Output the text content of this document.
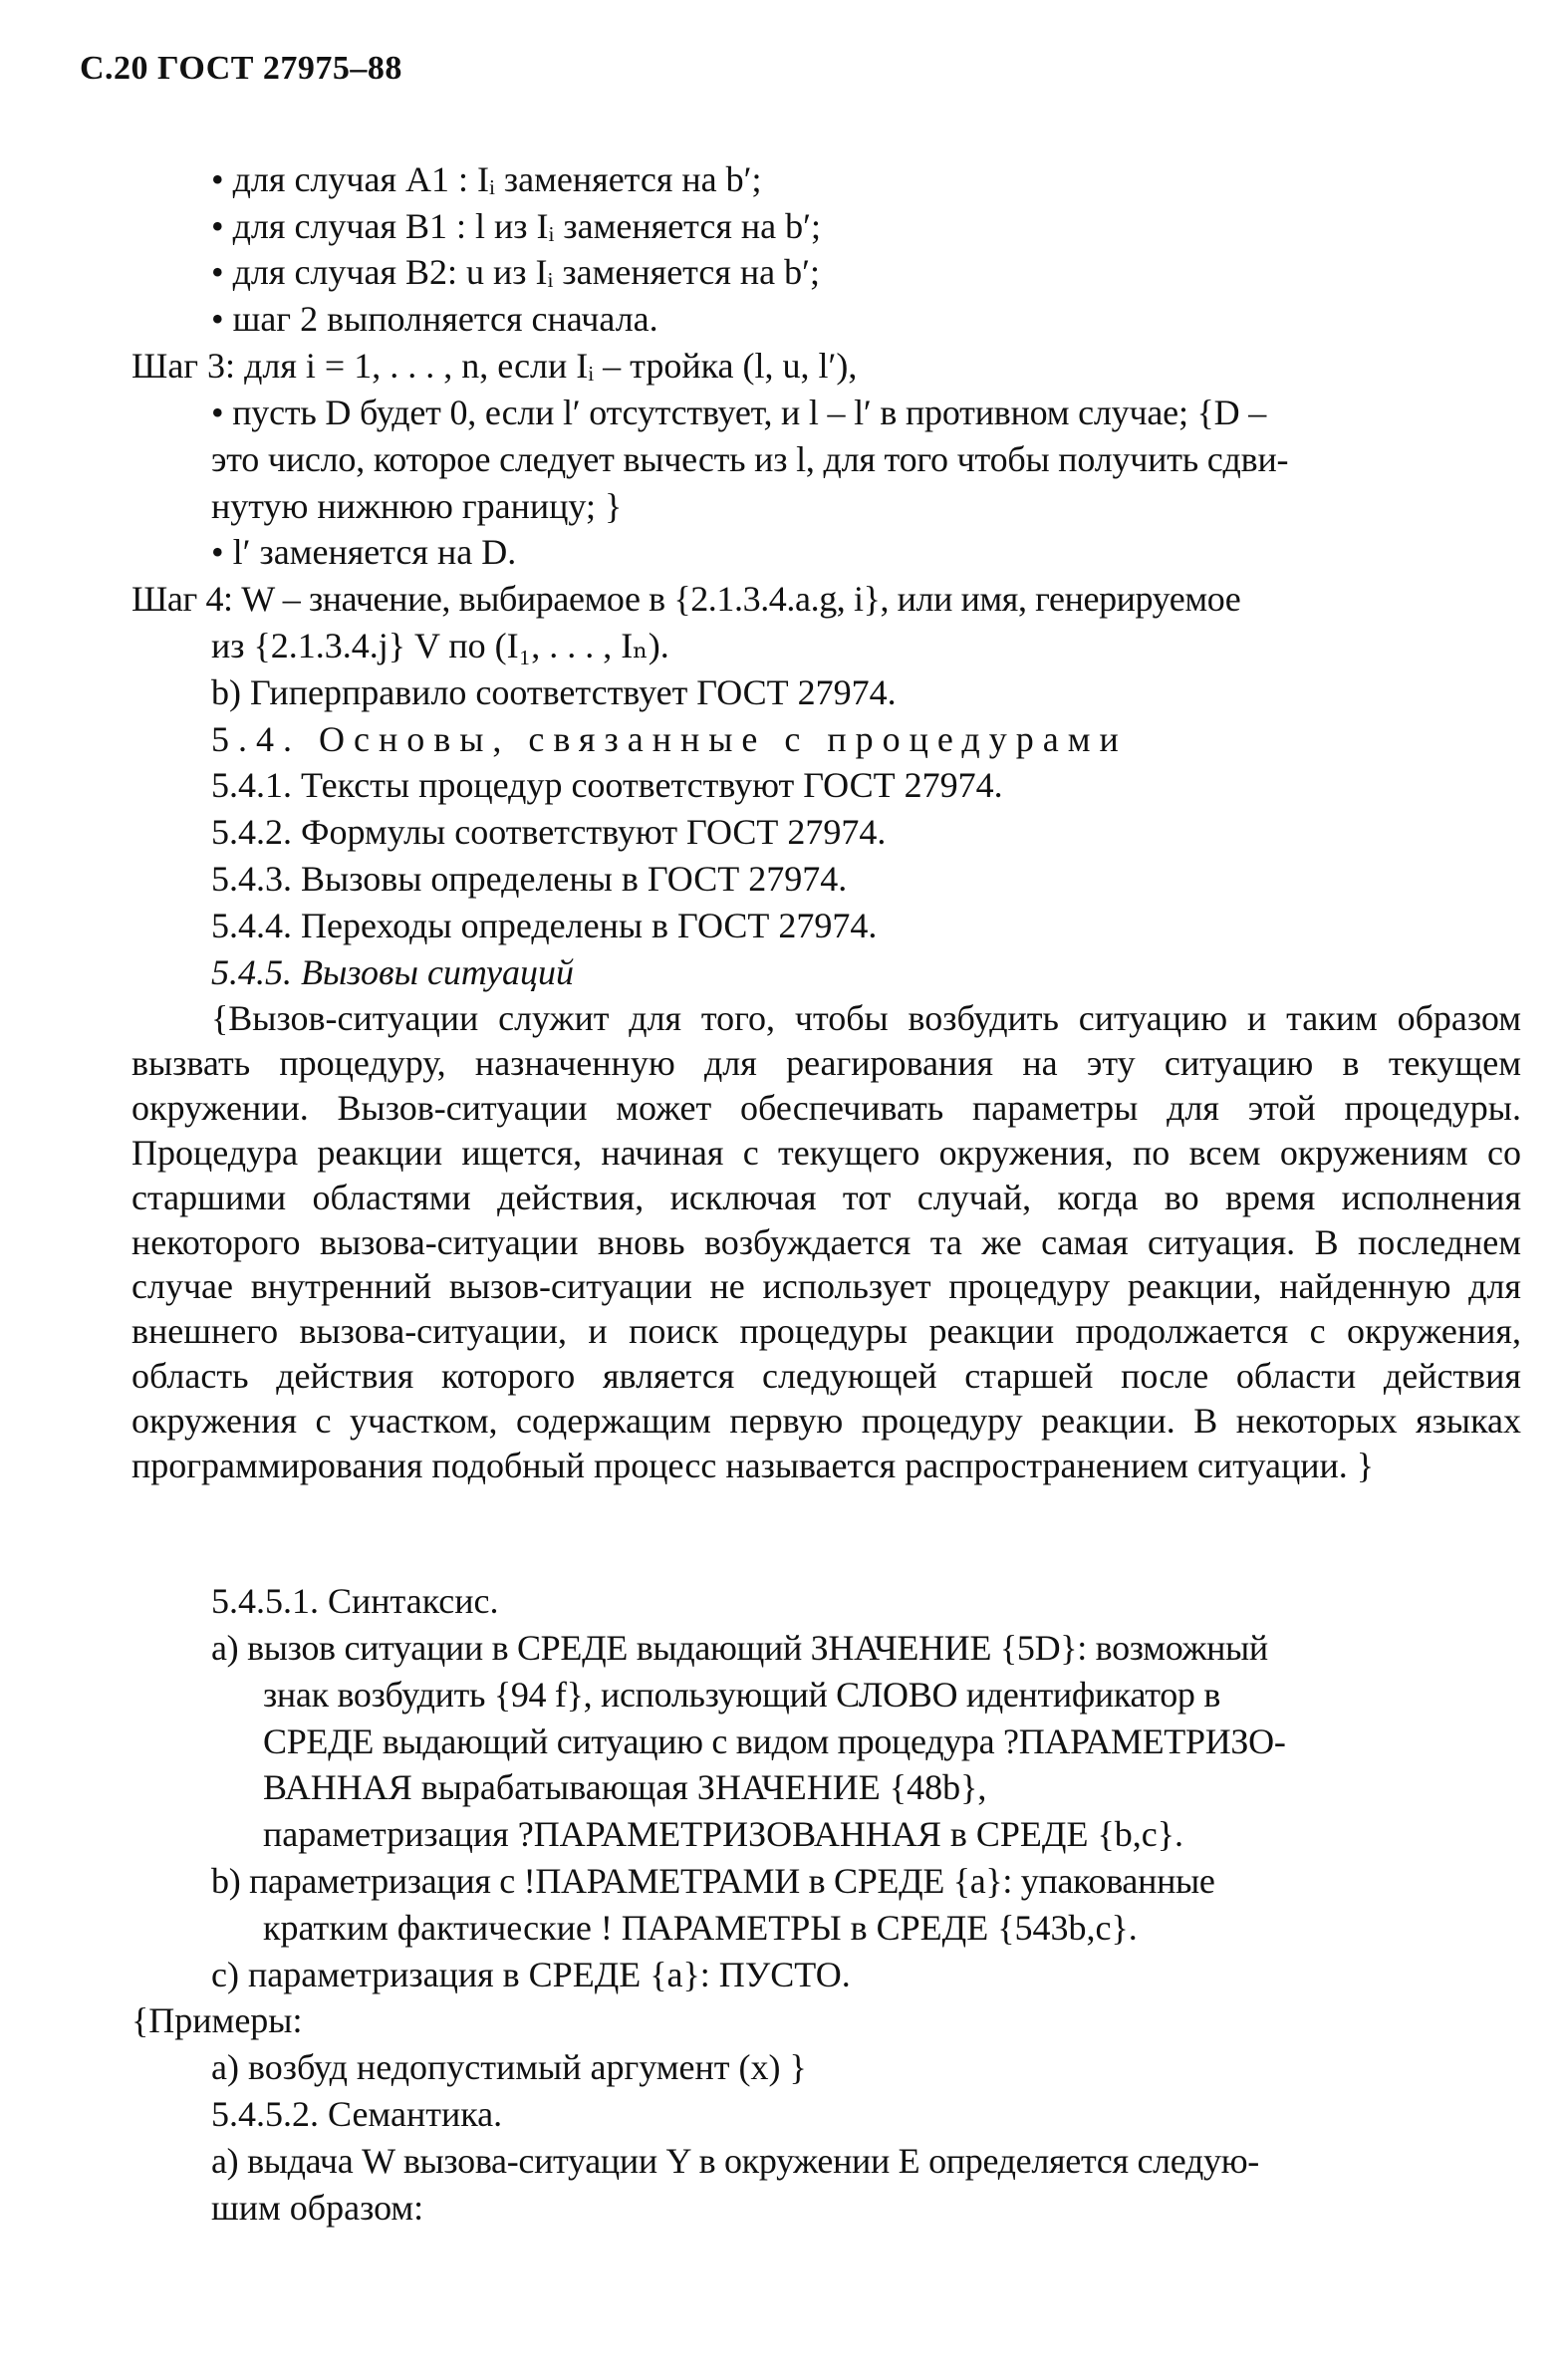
С.20 ГОСТ 27975–88
• для случая A1 : Iᵢ заменяется на b′;
• для случая B1 : l из Iᵢ заменяется на b′;
• для случая B2: u из Iᵢ заменяется на b′;
• шаг 2 выполняется сначала.
Шаг 3: для i = 1, . . . , n, если Iᵢ – тройка (l, u, l′),
• пусть D будет 0, если l′ отсутствует, и l – l′ в противном случае; {D –
это число, которое следует вычесть из l, для того чтобы получить сдви-
нутую нижнюю границу; }
• l′ заменяется на D.
Шаг 4: W – значение, выбираемое в {2.1.3.4.a.g, i}, или имя, генерируемое
из {2.1.3.4.j} V по (I₁, . . . , Iₙ).
b) Гиперправило соответствует ГОСТ 27974.
5.4. Основы, связанные с процедурами
5.4.1. Тексты процедур соответствуют ГОСТ 27974.
5.4.2. Формулы соответствуют ГОСТ 27974.
5.4.3. Вызовы определены в ГОСТ 27974.
5.4.4. Переходы определены в ГОСТ 27974.
5.4.5. Вызовы ситуаций
{Вызов-ситуации служит для того, чтобы возбудить ситуацию и таким образом вызвать процедуру, назначенную для реагирования на эту ситуацию в текущем окружении. Вызов-ситуации может обеспечивать параметры для этой процедуры. Процедура реакции ищется, начиная с текущего окружения, по всем окружениям со старшими областями действия, исключая тот случай, когда во время исполнения некоторого вызова-ситуации вновь возбуждается та же самая ситуация. В последнем случае внутренний вызов-ситуации не использует процедуру реакции, найденную для внешнего вызова-ситуации, и поиск процедуры реакции продолжается с окружения, область действия которого является следующей старшей после области действия окружения с участком, содержащим первую процедуру реакции. В некоторых языках программирования подобный процесс называется распространением ситуации. }
5.4.5.1. Синтаксис.
a) вызов ситуации в СРЕДЕ выдающий ЗНАЧЕНИЕ {5D}: возможный
знак возбудить {94 f}, использующий СЛОВО идентификатор в
СРЕДЕ выдающий ситуацию с видом процедура ?ПАРАМЕТРИЗО-
ВАННАЯ вырабатывающая ЗНАЧЕНИЕ {48b},
параметризация ?ПАРАМЕТРИЗОВАННАЯ в СРЕДЕ {b,c}.
b) параметризация с !ПАРАМЕТРАМИ в СРЕДЕ {a}: упакованные
кратким фактические ! ПАРАМЕТРЫ в СРЕДЕ {543b,c}.
c) параметризация в СРЕДЕ {a}: ПУСТО.
{Примеры:
a) возбуд недопустимый аргумент (x) }
5.4.5.2. Семантика.
a) выдача W вызова-ситуации Y в окружении E определяется следую-
шим образом:
